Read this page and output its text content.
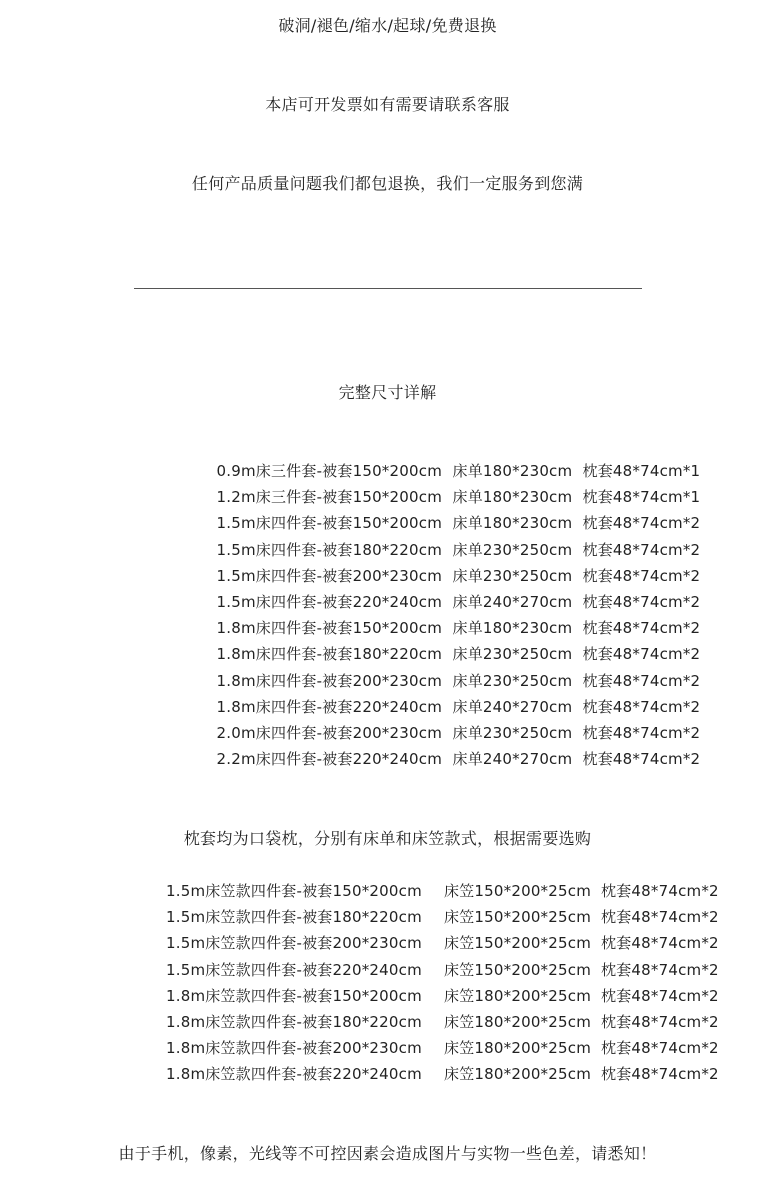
破洞/褪色/缩水/起球/免费退换
本店可开发票如有需要请联系客服
任何产品质量问题我们都包退换，我们一定服务到您满
完整尺寸详解
0.9m床三件套-被套150*200cm 床单180*230cm 枕套48*74cm*1
1.2m床三件套-被套150*200cm 床单180*230cm 枕套48*74cm*1
1.5m床四件套-被套150*200cm 床单180*230cm 枕套48*74cm*2
1.5m床四件套-被套180*220cm 床单230*250cm 枕套48*74cm*2
1.5m床四件套-被套200*230cm 床单230*250cm 枕套48*74cm*2
1.5m床四件套-被套220*240cm 床单240*270cm 枕套48*74cm*2
1.8m床四件套-被套150*200cm 床单180*230cm 枕套48*74cm*2
1.8m床四件套-被套180*220cm 床单230*250cm 枕套48*74cm*2
1.8m床四件套-被套200*230cm 床单230*250cm 枕套48*74cm*2
1.8m床四件套-被套220*240cm 床单240*270cm 枕套48*74cm*2
2.0m床四件套-被套200*230cm 床单230*250cm 枕套48*74cm*2
2.2m床四件套-被套220*240cm 床单240*270cm 枕套48*74cm*2
枕套均为口袋枕，分别有床单和床笠款式，根据需要选购
1.5m床笠款四件套-被套150*200cm 床笠150*200*25cm 枕套48*74cm*2
1.5m床笠款四件套-被套180*220cm 床笠150*200*25cm 枕套48*74cm*2
1.5m床笠款四件套-被套200*230cm 床笠150*200*25cm 枕套48*74cm*2
1.5m床笠款四件套-被套220*240cm 床笠150*200*25cm 枕套48*74cm*2
1.8m床笠款四件套-被套150*200cm 床笠180*200*25cm 枕套48*74cm*2
1.8m床笠款四件套-被套180*220cm 床笠180*200*25cm 枕套48*74cm*2
1.8m床笠款四件套-被套200*230cm 床笠180*200*25cm 枕套48*74cm*2
1.8m床笠款四件套-被套220*240cm 床笠180*200*25cm 枕套48*74cm*2
由于手机，像素，光线等不可控因素会造成图片与实物一些色差，请悉知！
